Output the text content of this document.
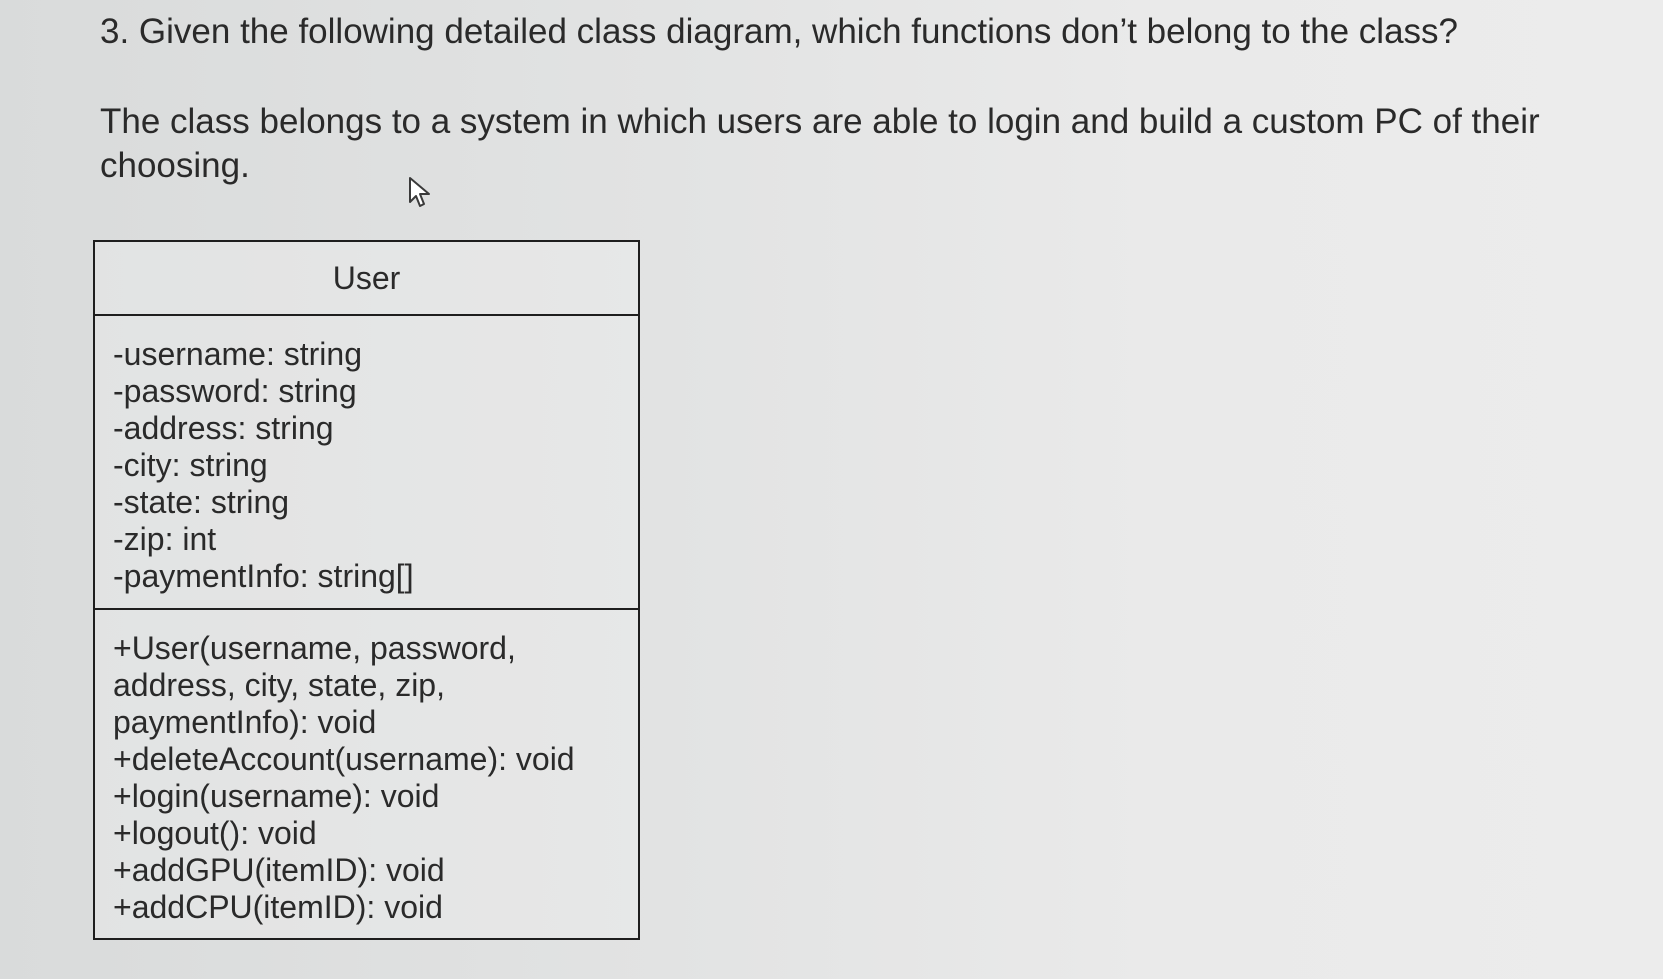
3. Given the following detailed class diagram, which functions don’t belong to the class?
The class belongs to a system in which users are able to login and build a custom PC of their choosing.
User
-username: string
-password: string
-address: string
-city: string
-state: string
-zip: int
-paymentInfo: string[]
+User(username, password,
address, city, state, zip,
paymentInfo): void
+deleteAccount(username): void
+login(username): void
+logout(): void
+addGPU(itemID): void
+addCPU(itemID): void
